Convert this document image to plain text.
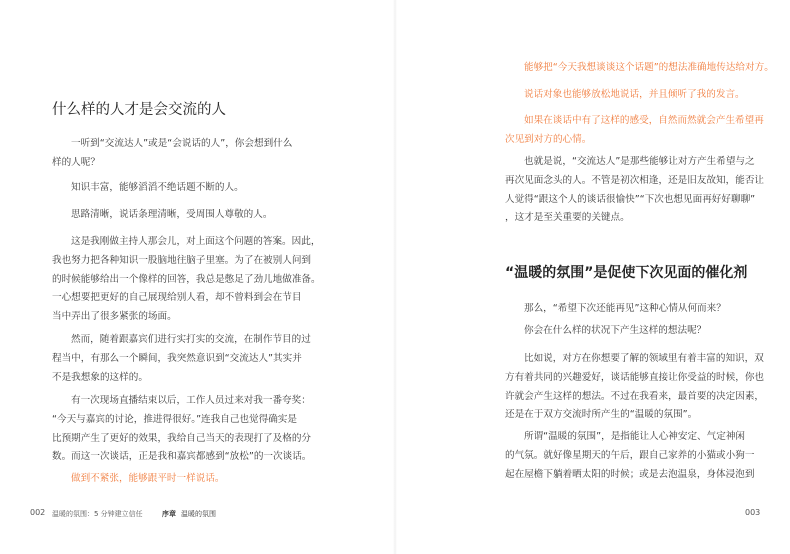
什么样的人才是会交流的人
一听到“交流达人”或是“会说话的人”，你会想到什么
样的人呢？
知识丰富，能够滔滔不绝话题不断的人。
思路清晰，说话条理清晰，受周围人尊敬的人。
这是我刚做主持人那会儿，对上面这个问题的答案。因此，
我也努力把各种知识一股脑地往脑子里塞。为了在被别人问到
的时候能够给出一个像样的回答，我总是憋足了劲儿地做准备。
一心想要把更好的自己展现给别人看，却不曾料到会在节目
当中弄出了很多紧张的场面。
然而，随着跟嘉宾们进行实打实的交流，在制作节目的过
程当中，有那么一个瞬间，我突然意识到“交流达人”其实并
不是我想象的这样的。
有一次现场直播结束以后，工作人员过来对我一番夸奖：
“今天与嘉宾的讨论，推进得很好。”连我自己也觉得确实是
比预期产生了更好的效果，我给自己当天的表现打了及格的分
数。而这一次谈话，正是我和嘉宾都感到“放松”的一次谈话。
做到不紧张，能够跟平时一样说话。
002 温暖的氛围：5 分钟建立信任	序章 温暖的氛围
能够把“今天我想谈谈这个话题”的想法准确地传达给对方。
说话对象也能够放松地说话，并且倾听了我的发言。
如果在谈话中有了这样的感受，自然而然就会产生希望再
次见到对方的心情。
也就是说，“交流达人”是那些能够让对方产生希望与之
再次见面念头的人。不管是初次相逢，还是旧友故知，能否让
人觉得“跟这个人的谈话很愉快”“下次也想见面再好好聊聊”
，这才是至关重要的关键点。
“温暖的氛围”是促使下次见面的催化剂
那么，“希望下次还能再见”这种心情从何而来？
你会在什么样的状况下产生这样的想法呢？
比如说，对方在你想要了解的领域里有着丰富的知识，双
方有着共同的兴趣爱好，谈话能够直接让你受益的时候，你也
许就会产生这样的想法。不过在我看来，最首要的决定因素，
还是在于双方交流时所产生的“温暖的氛围”。
所谓“温暖的氛围”，是指能让人心神安定、气定神闲
的气氛。就好像星期天的午后，跟自己家养的小猫或小狗一
起在屋檐下躺着晒太阳的时候；或是去泡温泉，身体浸泡到
003
